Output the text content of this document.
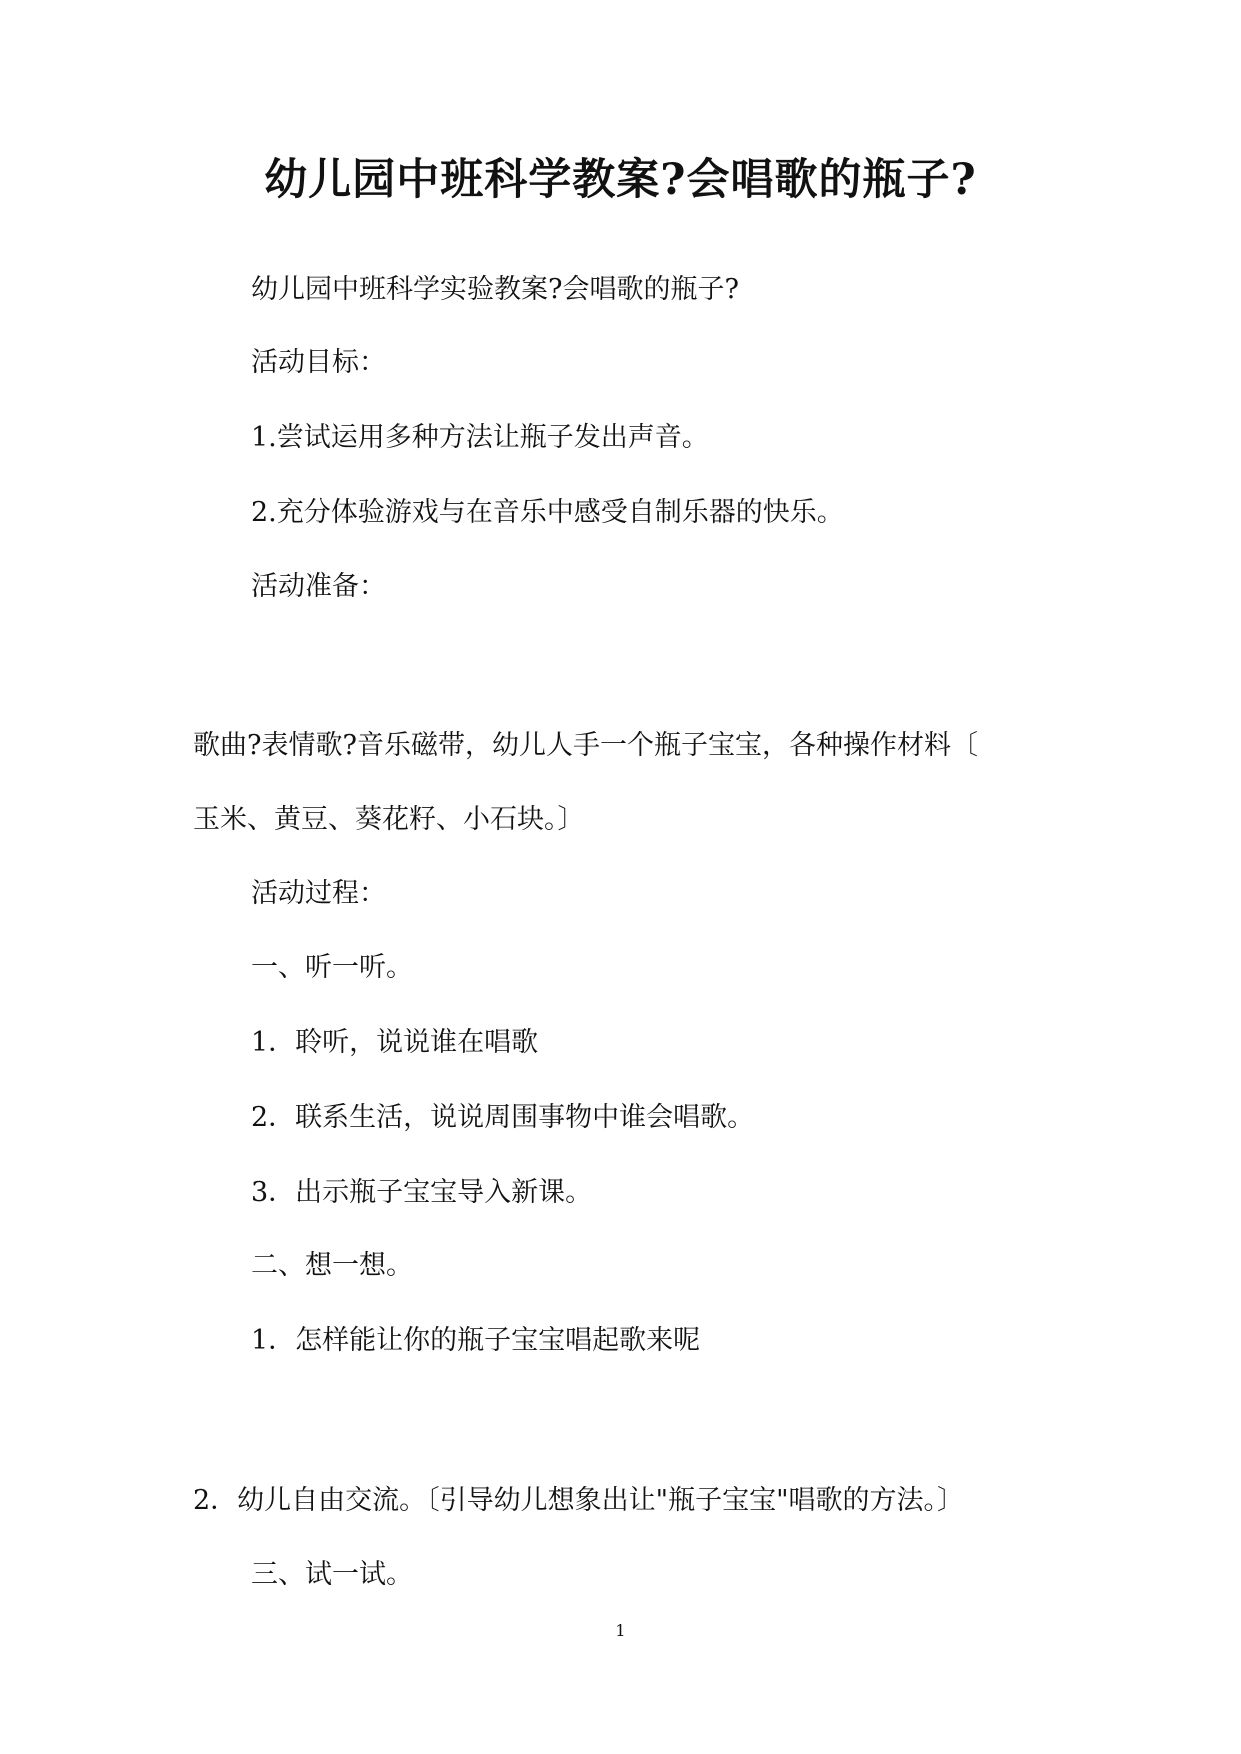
幼儿园中班科学教案?会唱歌的瓶子?

幼儿园中班科学实验教案?会唱歌的瓶子?

活动目标：

1.尝试运用多种方法让瓶子发出声音。

2.充分体验游戏与在音乐中感受自制乐器的快乐。

活动准备：

歌曲?表情歌?音乐磁带，幼儿人手一个瓶子宝宝，各种操作材料〔

玉米、黄豆、葵花籽、小石块。〕

活动过程：

一、听一听。

1．聆听，说说谁在唱歌

2．联系生活，说说周围事物中谁会唱歌。

3．出示瓶子宝宝导入新课。

二、想一想。

1．怎样能让你的瓶子宝宝唱起歌来呢

2．幼儿自由交流。〔引导幼儿想象出让"瓶子宝宝"唱歌的方法。〕

三、试一试。

1
